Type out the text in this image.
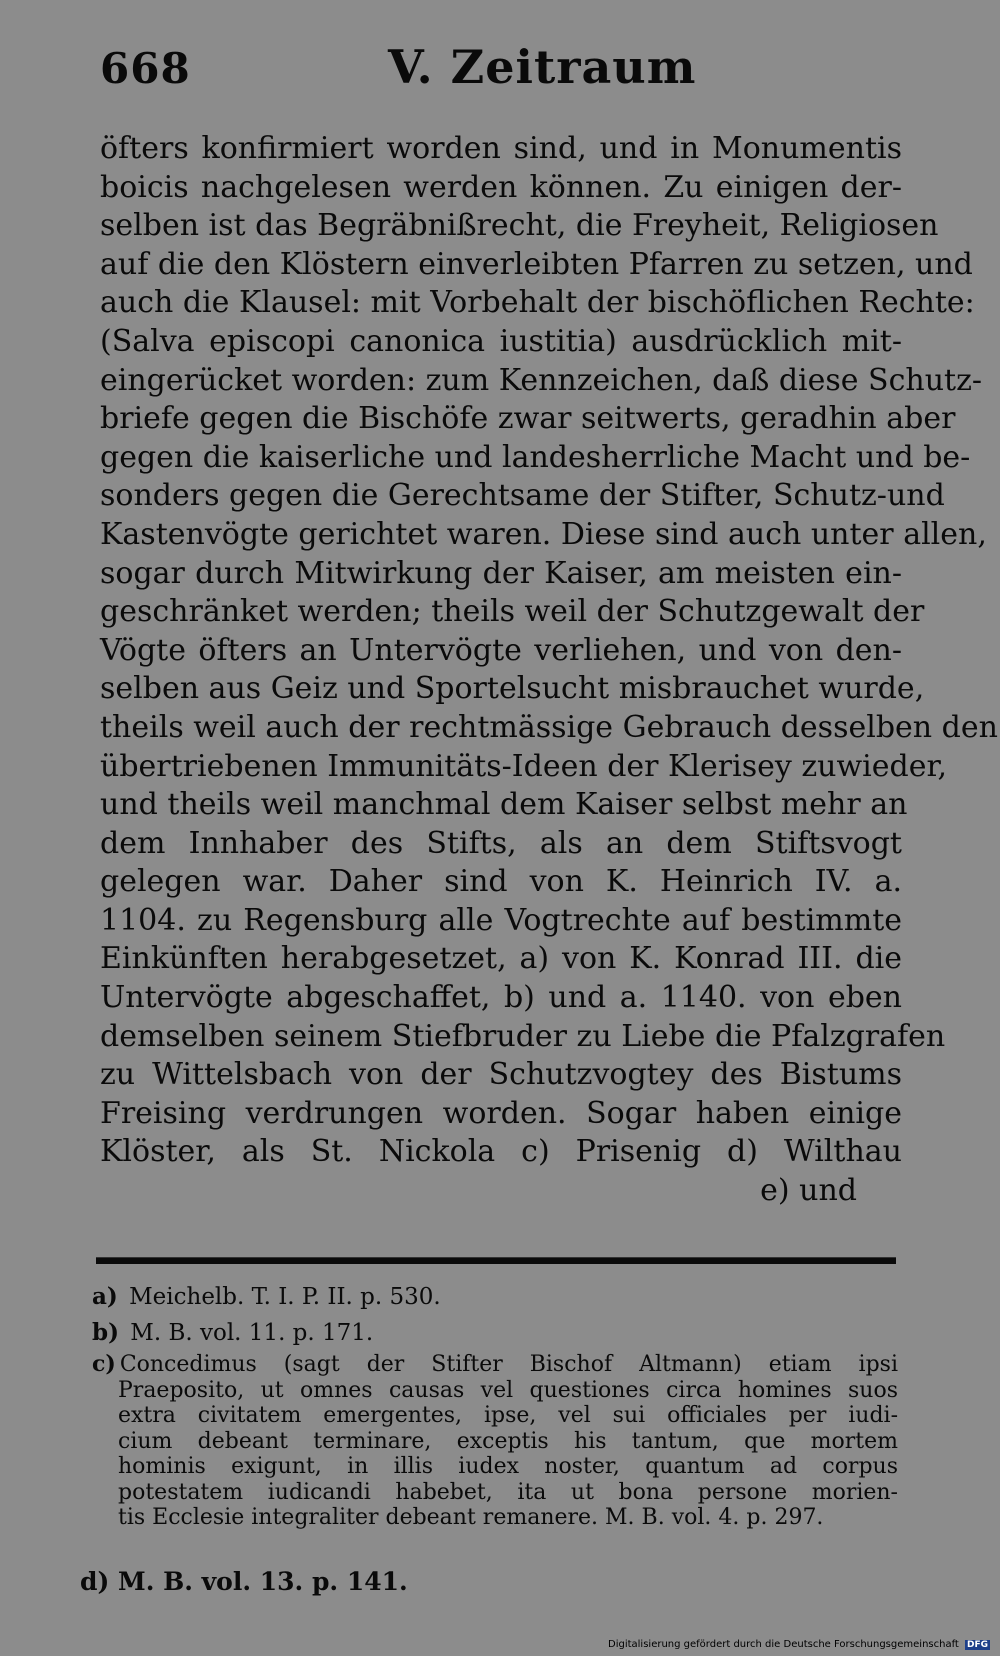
668	V. Zeitraum
öfters konfirmiert worden sind, und in Monumentis
boicis nachgelesen werden können. Zu einigen der-
selben ist das Begräbnißrecht, die Freyheit, Religiosen
auf die den Klöstern einverleibten Pfarren zu setzen, und
auch die Klausel: mit Vorbehalt der bischöflichen Rechte:
(Salva episcopi canonica iustitia) ausdrücklich mit-
eingerücket worden: zum Kennzeichen, daß diese Schutz-
briefe gegen die Bischöfe zwar seitwerts, geradhin aber
gegen die kaiserliche und landesherrliche Macht und be-
sonders gegen die Gerechtsame der Stifter, Schutz-und
Kastenvögte gerichtet waren. Diese sind auch unter allen,
sogar durch Mitwirkung der Kaiser, am meisten ein-
geschränket werden; theils weil der Schutzgewalt der
Vögte öfters an Untervögte verliehen, und von den-
selben aus Geiz und Sportelsucht misbrauchet wurde,
theils weil auch der rechtmässige Gebrauch desselben den
übertriebenen Immunitäts-Ideen der Klerisey zuwieder,
und theils weil manchmal dem Kaiser selbst mehr an
dem Innhaber des Stifts, als an dem Stiftsvogt
gelegen war. Daher sind von K. Heinrich IV. a.
1104. zu Regensburg alle Vogtrechte auf bestimmte
Einkünften herabgesetzet, a) von K. Konrad III. die
Untervögte abgeschaffet, b) und a. 1140. von eben
demselben seinem Stiefbruder zu Liebe die Pfalzgrafen
zu Wittelsbach von der Schutzvogtey des Bistums
Freising verdrungen worden. Sogar haben einige
Klöster, als St. Nickola c) Prisenig d) Wilthau
e) und
a) Meichelb. T. I. P. II. p. 530.
b) M. B. vol. 11. p. 171.
c) Concedimus (sagt der Stifter Bischof Altmann) etiam ipsi
Praeposito, ut omnes causas vel questiones circa homines suos
extra civitatem emergentes, ipse, vel sui officiales per iudi-
cium debeant terminare, exceptis his tantum, que mortem
hominis exigunt, in illis iudex noster, quantum ad corpus
potestatem iudicandi habebet, ita ut bona persone morien-
tis Ecclesie integraliter debeant remanere. M. B. vol. 4. p. 297.
d) M. B. vol. 13. p. 141.
Digitalisierung gefördert durch die Deutsche Forschungsgemeinschaft DFG
